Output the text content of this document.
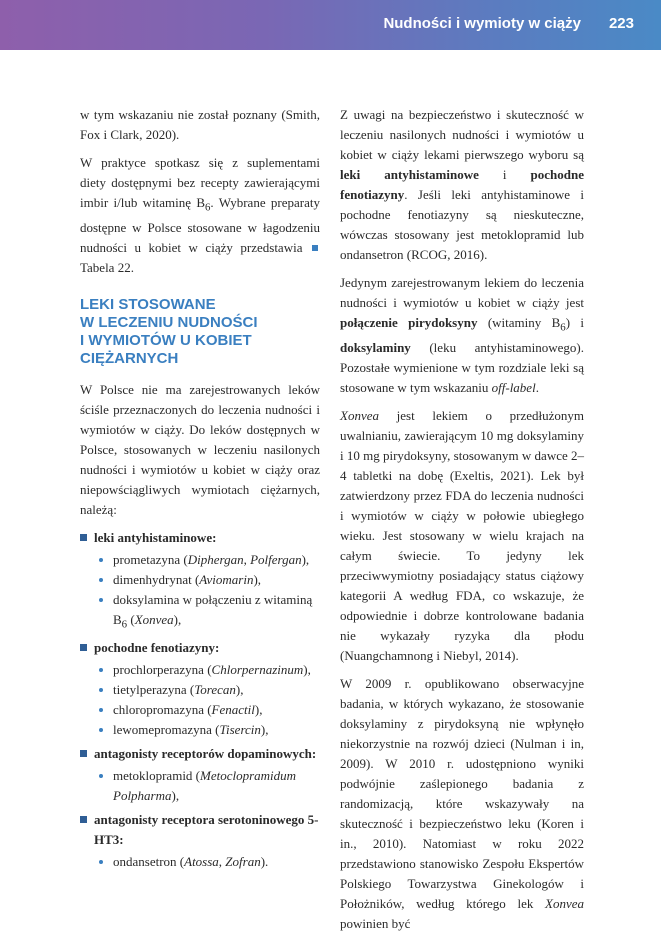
Nudności i wymioty w ciąży 223

w tym wskazaniu nie został poznany (Smith, Fox i Clark, 2020).

W praktyce spotkasz się z suplementami diety dostępnymi bez recepty zawierającymi imbir i/lub witaminę $B_6$. Wybrane preparaty dostępne w Polsce stosowane w łagodzeniu nudności u kobiet w ciąży przedstawia Tabela 22.

LEKI STOSOWANE
W LECZENIU NUDNOŚCI
I WYMIOTÓW U KOBIET
CIĘŻARNYCH

W Polsce nie ma zarejestrowanych leków ściśle przeznaczonych do leczenia nudności i wymiotów w ciąży. Do leków dostępnych w Polsce, stosowanych w leczeniu nasilonych nudności i wymiotów u kobiet w ciąży oraz niepowściągliwych wymiotach ciężarnych, należą:

leki antyhistaminowe:
prometazyna (Diphergan, Polfergan),
dimenhydrynat (Aviomarin),
doksylamina w połączeniu z witaminą $B_6$ (Xonvea),
pochodne fenotiazyny:
prochlorperazyna (Chlorpernazinum),
tietylperazyna (Torecan),
chloropromazyna (Fenactil),
lewomepromazyna (Tisercin),
antagonisty receptorów dopaminowych:
metoklopramid (Metoclopramidum Polpharma),
antagonisty receptora serotoninowego 5-HT3:
ondansetron (Atossa, Zofran).

Z uwagi na bezpieczeństwo i skuteczność w leczeniu nasilonych nudności i wymiotów u kobiet w ciąży lekami pierwszego wyboru są leki antyhistaminowe i pochodne fenotiazyny. Jeśli leki antyhistaminowe i pochodne fenotiazyny są nieskuteczne, wówczas stosowany jest metoklopramid lub ondansetron (RCOG, 2016).

Jedynym zarejestrowanym lekiem do leczenia nudności i wymiotów u kobiet w ciąży jest połączenie pirydoksyny (witaminy $B_6$) i doksylaminy (leku antyhistaminowego). Pozostałe wymienione w tym rozdziale leki są stosowane w tym wskazaniu off-label.

Xonvea jest lekiem o przedłużonym uwalnianiu, zawierającym 10 mg doksylaminy i 10 mg pirydoksyny, stosowanym w dawce 2–4 tabletki na dobę (Exeltis, 2021). Lek był zatwierdzony przez FDA do leczenia nudności i wymiotów w ciąży w połowie ubiegłego wieku. Jest stosowany w wielu krajach na całym świecie. To jedyny lek przeciwwymiotny posiadający status ciążowy kategorii A według FDA, co wskazuje, że odpowiednie i dobrze kontrolowane badania nie wykazały ryzyka dla płodu (Nuangchamnong i Niebyl, 2014).

W 2009 r. opublikowano obserwacyjne badania, w których wykazano, że stosowanie doksylaminy z pirydoksyną nie wpłynęło niekorzystnie na rozwój dzieci (Nulman i in, 2009). W 2010 r. udostępniono wyniki podwójnie zaślepionego badania z randomizacją, które wskazywały na skuteczność i bezpieczeństwo leku (Koren i in., 2010). Natomiast w roku 2022 przedstawiono stanowisko Zespołu Ekspertów Polskiego Towarzystwa Ginekologów i Położników, według którego lek Xonvea powinien być
